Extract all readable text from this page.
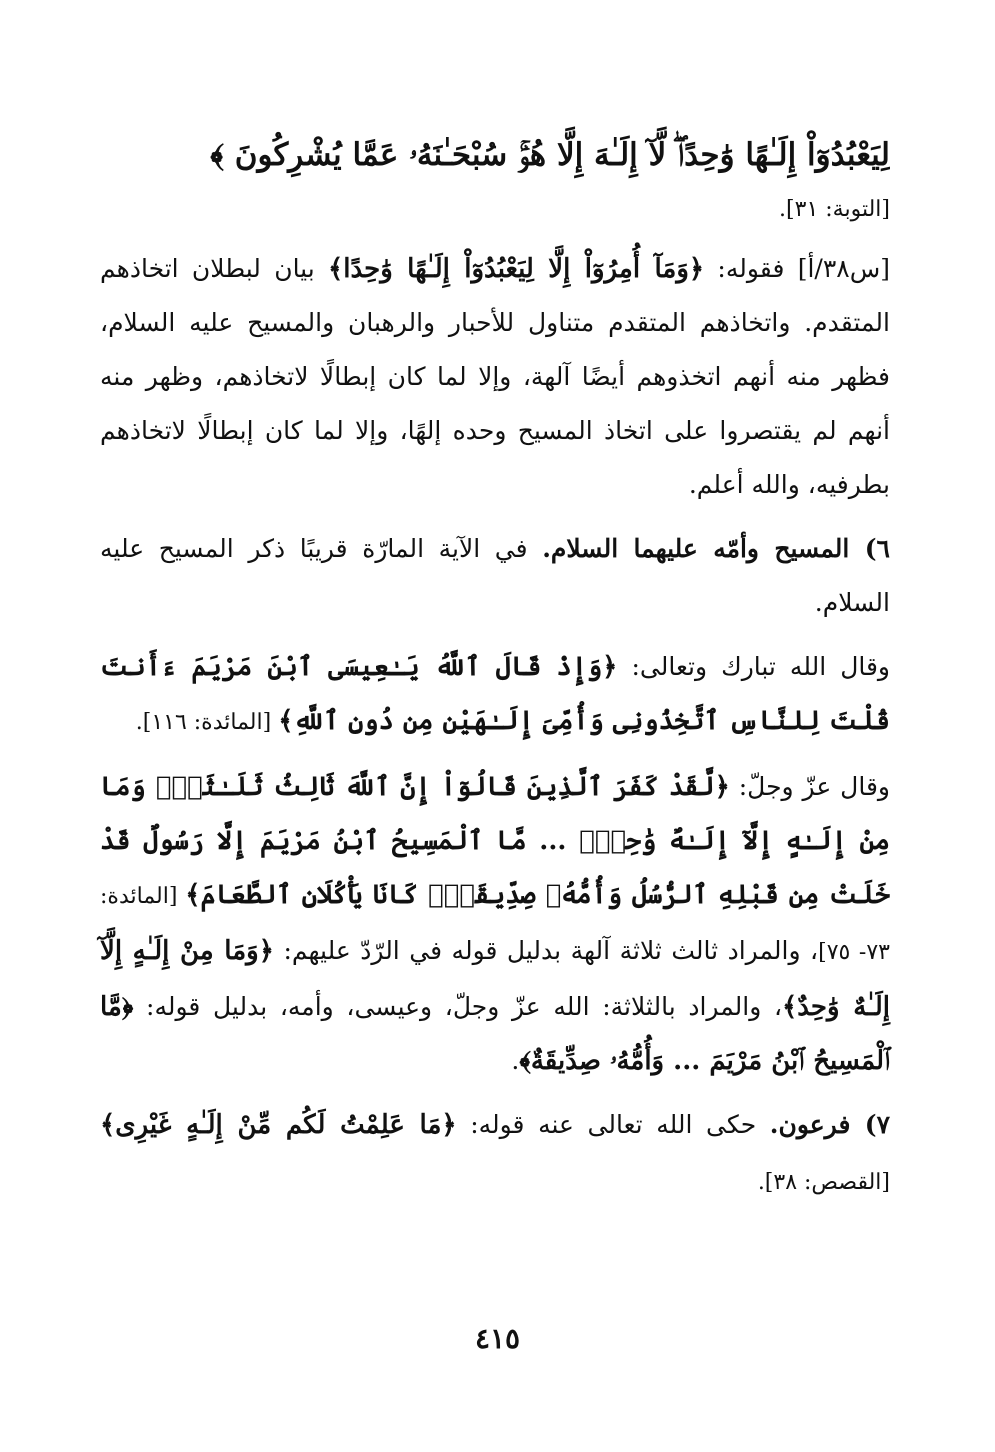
لِيَعْبُدُوٓاْ إِلَـٰهًا وَٰحِدًاۖ لَّآ إِلَـٰهَ إِلَّا هُوَۚ سُبْحَـٰنَهُۥ عَمَّا يُشْرِكُونَ ﴾
[التوبة: ٣١].

[س٣٨/أ] فقوله: ﴿وَمَآ أُمِرُوٓاْ إِلَّا لِيَعْبُدُوٓاْ إِلَـٰهًا وَٰحِدًا﴾ بيان لبطلان اتخاذهم المتقدم. واتخاذهم المتقدم متناول للأحبار والرهبان والمسيح عليه السلام، فظهر منه أنهم اتخذوهم أيضًا آلهة، وإلا لما كان إبطالًا لاتخاذهم، وظهر منه أنهم لم يقتصروا على اتخاذ المسيح وحده إلهًا، وإلا لما كان إبطالًا لاتخاذهم بطرفيه، والله أعلم.

٦) المسيح وأمّه عليهما السلام. في الآية المارّة قريبًا ذكر المسيح عليه السلام.

وقال الله تبارك وتعالى: ﴿وَإِذْ قَالَ ٱللَّهُ يَـٰعِيسَى ٱبْنَ مَرْيَمَ ءَأَنتَ قُلْتَ لِلنَّاسِ ٱتَّخِذُونِى وَأُمِّىَ إِلَـٰهَيْنِ مِن دُونِ ٱللَّهِ﴾ [المائدة: ١١٦].

وقال عزّ وجلّ: ﴿لَّقَدْ كَفَرَ ٱلَّذِينَ قَالُوٓاْ إِنَّ ٱللَّهَ ثَالِثُ ثَلَـٰثَةٍۘ وَمَا مِنْ إِلَـٰهٍ إِلَّآ إِلَـٰهٌ وَٰحِدٌۚ ... مَّا ٱلْمَسِيحُ ٱبْنُ مَرْيَمَ إِلَّا رَسُولٌ قَدْ خَلَتْ مِن قَبْلِهِ ٱلرُّسُلُ وَأُمُّهُۥ صِدِّيقَةٌۖ كَانَا يَأْكُلَانِ ٱلطَّعَامَ﴾ [المائدة: ٧٣- ٧٥]، والمراد ثالث ثلاثة آلهة بدليل قوله في الرّدّ عليهم: ﴿وَمَا مِنْ إِلَـٰهٍ إِلَّآ إِلَـٰهٌ وَٰحِدٌ﴾، والمراد بالثلاثة: الله عزّ وجلّ، وعيسى، وأمه، بدليل قوله: ﴿مَّا ٱلْمَسِيحُ ٱبْنُ مَرْيَمَ ... وَأُمُّهُۥ صِدِّيقَةٌ﴾.

٧) فرعون. حكى الله تعالى عنه قوله: ﴿مَا عَلِمْتُ لَكُم مِّنْ إِلَـٰهٍ غَيْرِى﴾ [القصص: ٣٨].

٤١٥
